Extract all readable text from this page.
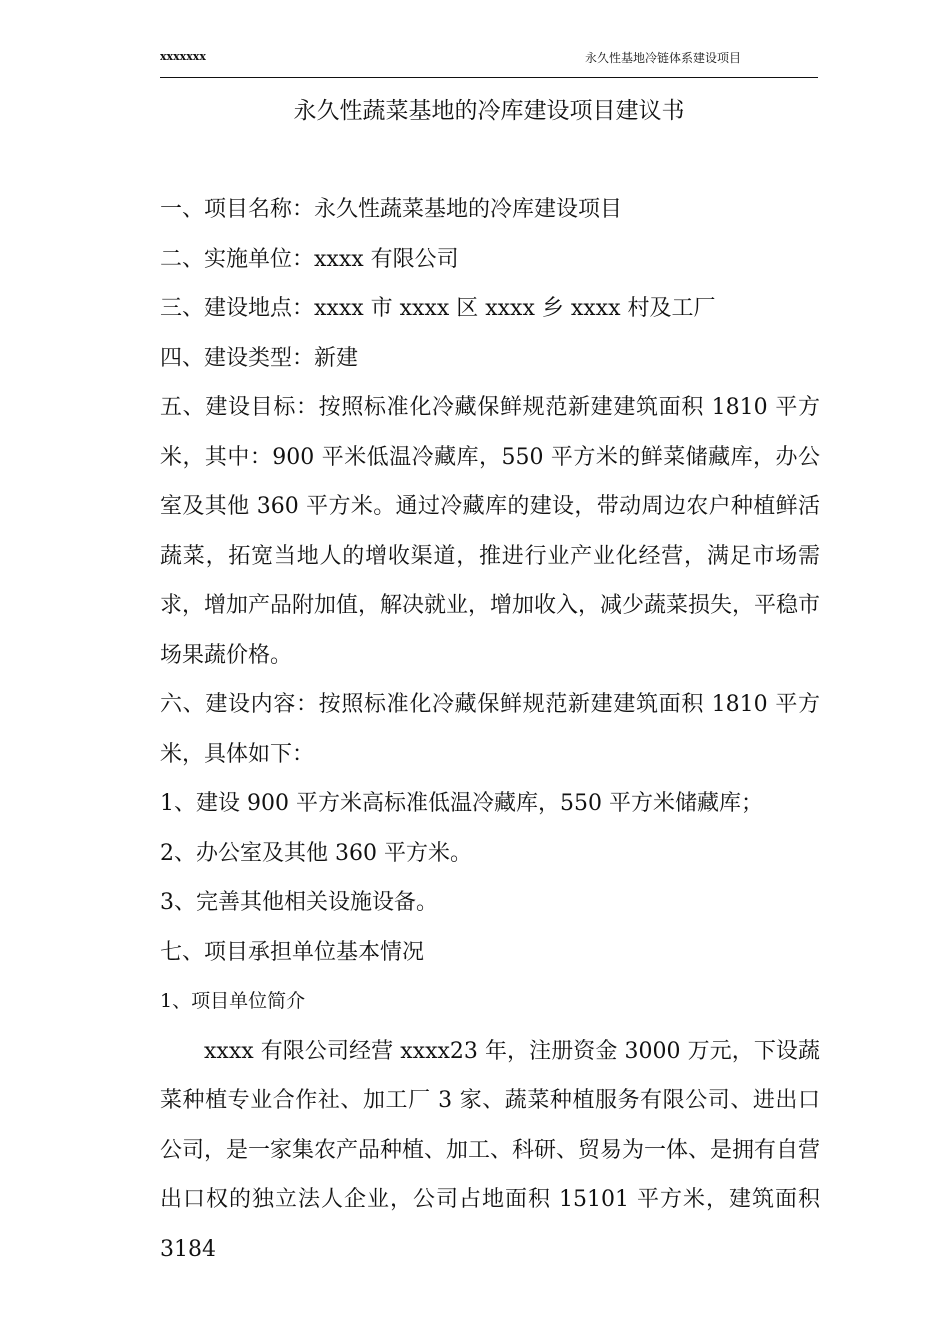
xxxxxxx	永久性基地冷链体系建设项目
永久性蔬菜基地的冷库建设项目建议书

一、项目名称：永久性蔬菜基地的冷库建设项目

二、实施单位：xxxx 有限公司

三、建设地点：xxxx 市 xxxx 区 xxxx 乡 xxxx 村及工厂

四、建设类型：新建

五、建设目标：按照标准化冷藏保鲜规范新建建筑面积 1810 平方米，其中：900 平米低温冷藏库，550 平方米的鲜菜储藏库，办公室及其他 360 平方米。通过冷藏库的建设，带动周边农户种植鲜活蔬菜，拓宽当地人的增收渠道，推进行业产业化经营，满足市场需求，增加产品附加值，解决就业，增加收入，减少蔬菜损失，平稳市场果蔬价格。

六、建设内容：按照标准化冷藏保鲜规范新建建筑面积 1810 平方米，具体如下：

1、建设 900 平方米高标准低温冷藏库，550 平方米储藏库；

2、办公室及其他 360 平方米。

3、完善其他相关设施设备。

七、项目承担单位基本情况

1、项目单位简介

xxxx 有限公司经营 xxxx23 年，注册资金 3000 万元，下设蔬菜种植专业合作社、加工厂 3 家、蔬菜种植服务有限公司、进出口公司，是一家集农产品种植、加工、科研、贸易为一体、是拥有自营出口权的独立法人企业，公司占地面积 15101 平方米，建筑面积 3184
